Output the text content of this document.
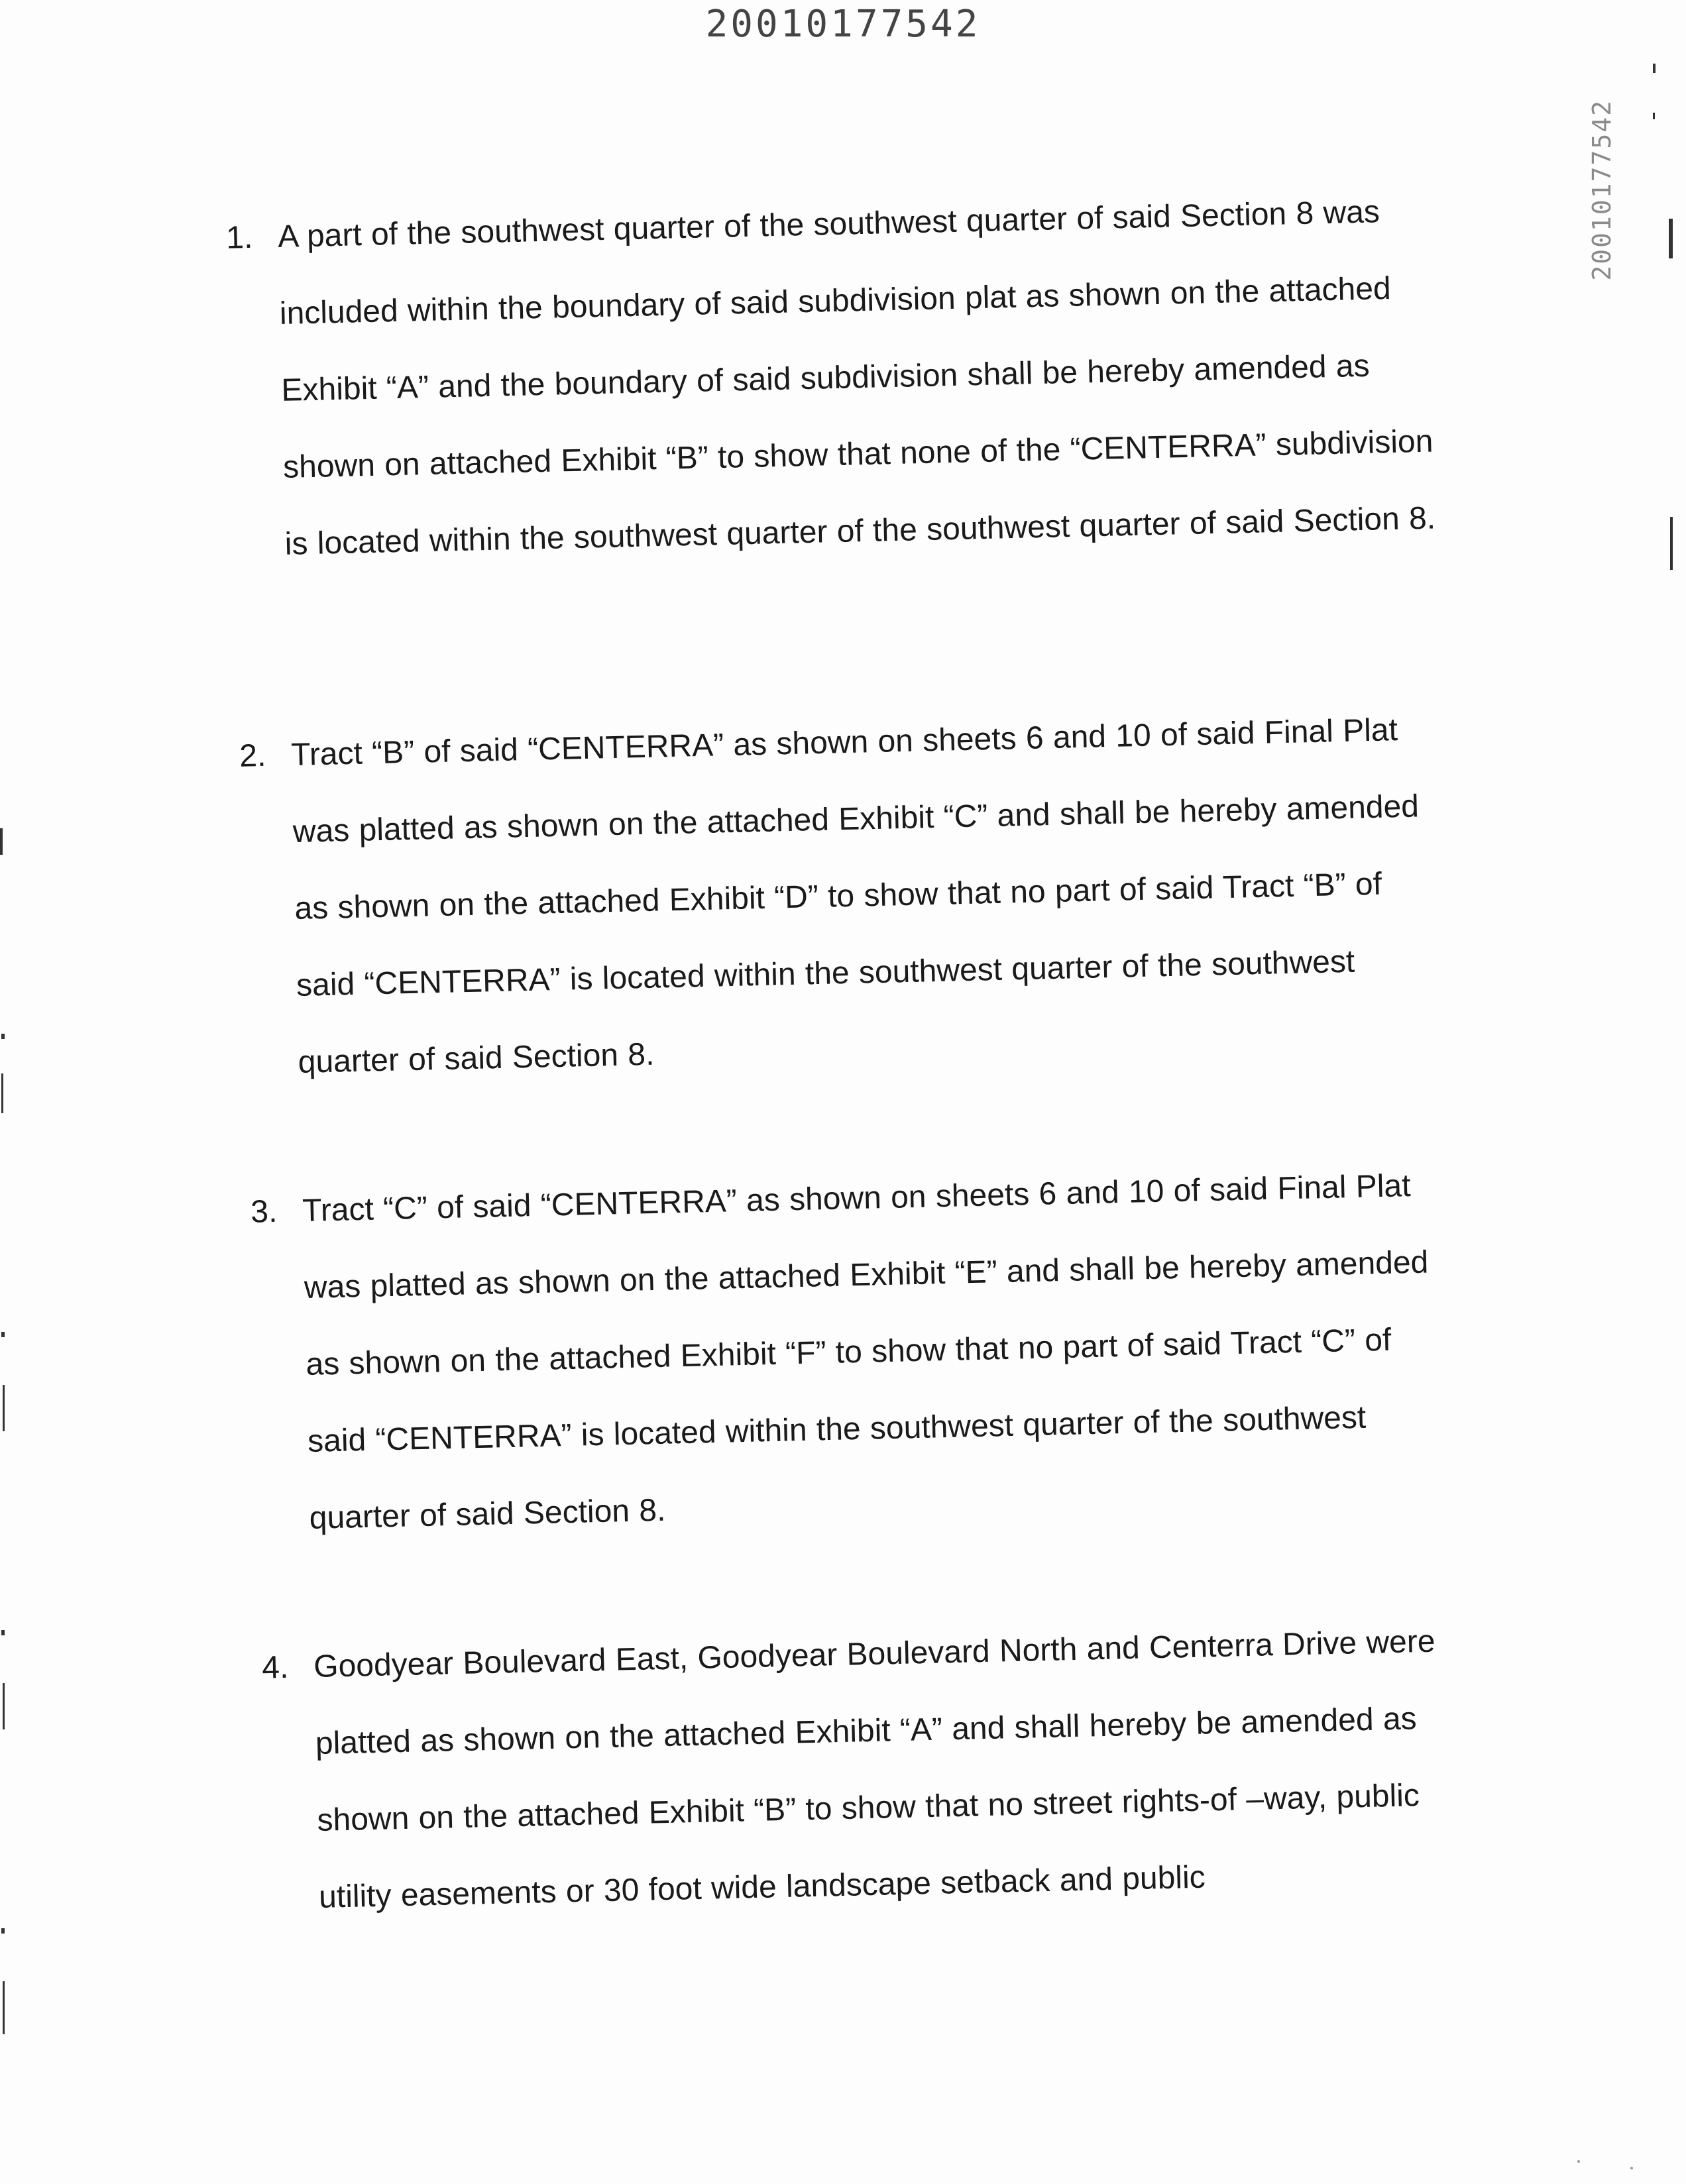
20010177542
20010177542
1. A part of the southwest quarter of the southwest quarter of said Section 8 was included within the boundary of said subdivision plat as shown on the attached Exhibit “A” and the boundary of said subdivision shall be hereby amended as shown on attached Exhibit “B” to show that none of the “CENTERRA” subdivision is located within the southwest quarter of the southwest quarter of said Section 8.

2. Tract “B” of said “CENTERRA” as shown on sheets 6 and 10 of said Final Plat was platted as shown on the attached Exhibit “C” and shall be hereby amended as shown on the attached Exhibit “D” to show that no part of said Tract “B” of said “CENTERRA” is located within the southwest quarter of the southwest quarter of said Section 8.

3. Tract “C” of said “CENTERRA” as shown on sheets 6 and 10 of said Final Plat was platted as shown on the attached Exhibit “E” and shall be hereby amended as shown on the attached Exhibit “F” to show that no part of said Tract “C” of said “CENTERRA” is located within the southwest quarter of the southwest quarter of said Section 8.

4. Goodyear Boulevard East, Goodyear Boulevard North and Centerra Drive were platted as shown on the attached Exhibit “A” and shall hereby be amended as shown on the attached Exhibit “B” to show that no street rights-of –way, public utility easements or 30 foot wide landscape setback and public
